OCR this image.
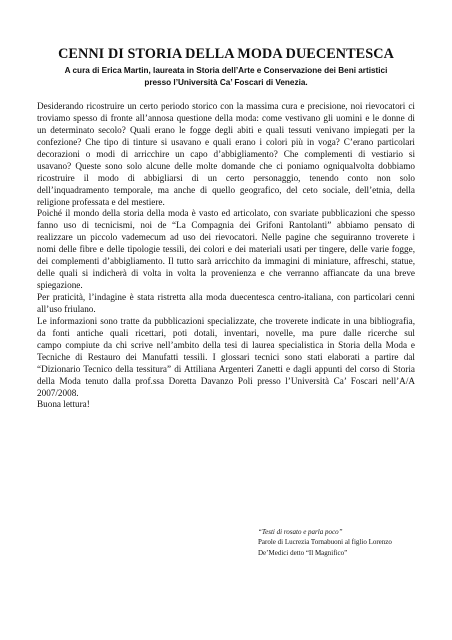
CENNI DI STORIA DELLA MODA DUECENTESCA
A cura di Erica Martin, laureata in Storia dell’Arte e Conservazione dei Beni artistici
presso l’Università Ca’ Foscari di Venezia.
Desiderando ricostruire un certo periodo storico con la massima cura e precisione, noi rievocatori ci
troviamo spesso di fronte all’annosa questione della moda: come vestivano gli uomini e le donne di
un determinato secolo? Quali erano le fogge degli abiti e quali tessuti venivano impiegati per la
confezione? Che tipo di tinture si usavano e quali erano i colori più in voga? C’erano particolari
decorazioni o modi di arricchire un capo d’abbigliamento? Che complementi di vestiario si
usavano? Queste sono solo alcune delle molte domande che ci poniamo ogniqualvolta dobbiamo
ricostruire il modo di abbigliarsi di un certo personaggio, tenendo conto non solo
dell’inquadramento temporale, ma anche di quello geografico, del ceto sociale, dell’etnia, della
religione professata e del mestiere.
Poiché il mondo della storia della moda è vasto ed articolato, con svariate pubblicazioni che spesso
fanno uso di tecnicismi, noi de “La Compagnia dei Grifoni Rantolanti” abbiamo pensato di
realizzare un piccolo vademecum ad uso dei rievocatori. Nelle pagine che seguiranno troverete i
nomi delle fibre e delle tipologie tessili, dei colori e dei materiali usati per tingere, delle varie fogge,
dei complementi d’abbigliamento. Il tutto sarà arricchito da immagini di miniature, affreschi, statue,
delle quali si indicherà di volta in volta la provenienza e che verranno affiancate da una breve
spiegazione.
Per praticità, l’indagine è stata ristretta alla moda duecentesca centro-italiana, con particolari cenni
all’uso friulano.
Le informazioni sono tratte da pubblicazioni specializzate, che troverete indicate in una bibliografia,
da fonti antiche quali ricettari, poti dotali, inventari, novelle, ma pure dalle ricerche sul
campo compiute da chi scrive nell’ambito della tesi di laurea specialistica in Storia della Moda e
Tecniche di Restauro dei Manufatti tessili. I glossari tecnici sono stati elaborati a partire dal
“Dizionario Tecnico della tessitura” di Attiliana Argenteri Zanetti e dagli appunti del corso di Storia
della Moda tenuto dalla prof.ssa Doretta Davanzo Poli presso l’Università Ca’ Foscari nell’A/A
2007/2008.
Buona lettura!
“Testi di rosato e parla poco”
Parole di Lucrezia Tornabuoni al figlio Lorenzo
De’Medici detto “Il Magnifico”
